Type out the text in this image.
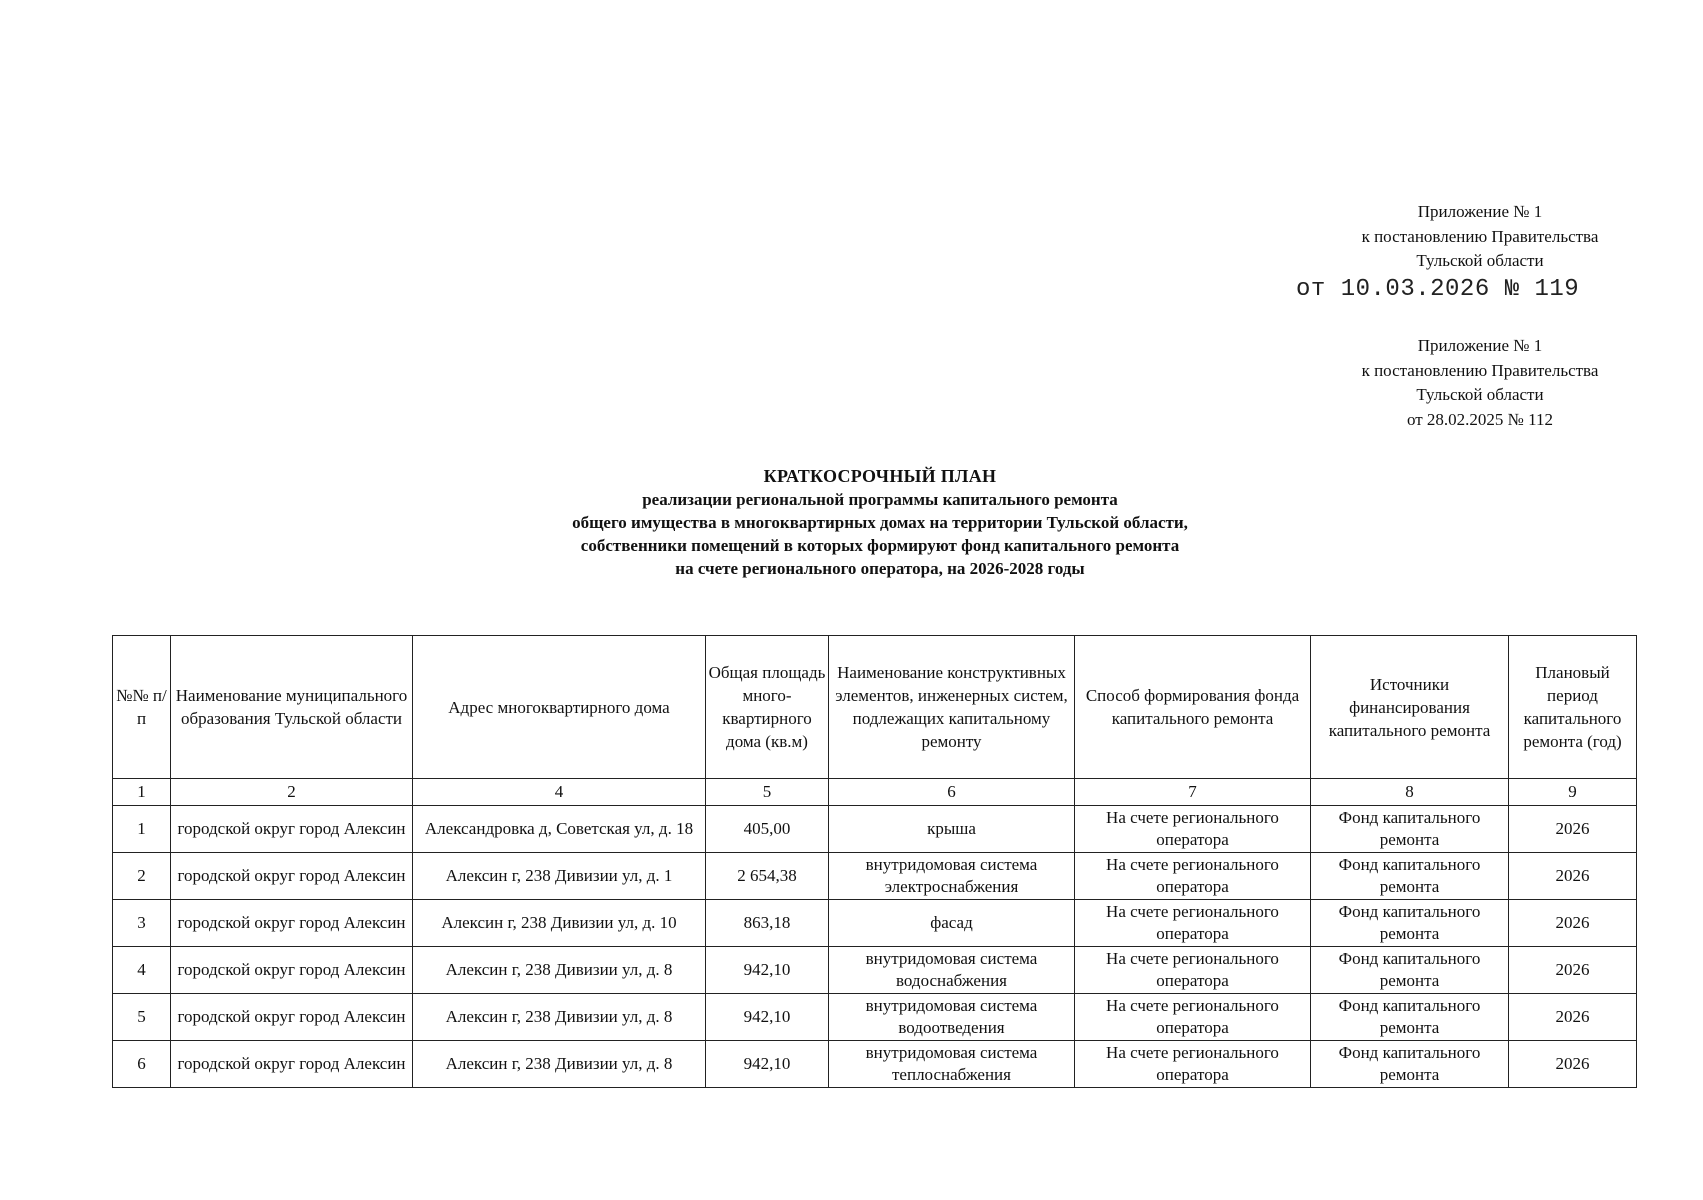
Приложение № 1
к постановлению Правительства
Тульской области
от 10.03.2026 № 119
Приложение № 1
к постановлению Правительства
Тульской области
от 28.02.2025 № 112
КРАТКОСРОЧНЫЙ ПЛАН
реализации региональной программы капитального ремонта
общего имущества в многоквартирных домах на территории Тульской области,
собственники помещений в которых формируют фонд капитального ремонта
на счете регионального оператора, на 2026-2028 годы
№№ п/п	Наименование муниципального образования Тульской области	Адрес многоквартирного дома	Общая площадь много-квартирного дома (кв.м)	Наименование конструктивных элементов, инженерных систем, подлежащих капитальному ремонту	Способ формирования фонда капитального ремонта	Источники финансирования капитального ремонта	Плановый период капитального ремонта (год)
1	2	4	5	6	7	8	9
1	городской округ город Алексин	Александровка д, Советская ул, д. 18	405,00	крыша	На счете регионального оператора	Фонд капитального ремонта	2026
2	городской округ город Алексин	Алексин г, 238 Дивизии ул, д. 1	2 654,38	внутридомовая система электроснабжения	На счете регионального оператора	Фонд капитального ремонта	2026
3	городской округ город Алексин	Алексин г, 238 Дивизии ул, д. 10	863,18	фасад	На счете регионального оператора	Фонд капитального ремонта	2026
4	городской округ город Алексин	Алексин г, 238 Дивизии ул, д. 8	942,10	внутридомовая система водоснабжения	На счете регионального оператора	Фонд капитального ремонта	2026
5	городской округ город Алексин	Алексин г, 238 Дивизии ул, д. 8	942,10	внутридомовая система водоотведения	На счете регионального оператора	Фонд капитального ремонта	2026
6	городской округ город Алексин	Алексин г, 238 Дивизии ул, д. 8	942,10	внутридомовая система теплоснабжения	На счете регионального оператора	Фонд капитального ремонта	2026
